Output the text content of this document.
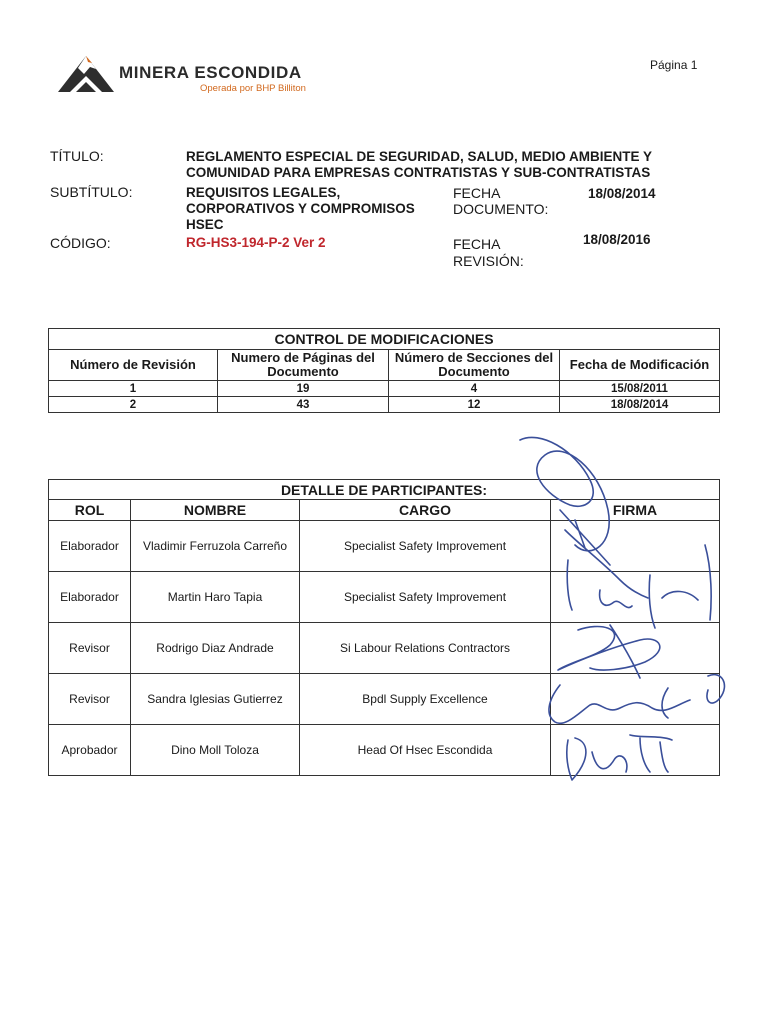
MINERA ESCONDIDA
Operada por BHP Billiton
Página 1
TÍTULO:	REGLAMENTO ESPECIAL DE SEGURIDAD, SALUD, MEDIO AMBIENTE Y
COMUNIDAD PARA EMPRESAS CONTRATISTAS Y SUB-CONTRATISTAS
SUBTÍTULO:	REQUISITOS LEGALES,
CORPORATIVOS Y COMPROMISOS
HSEC
FECHA
DOCUMENTO:
18/08/2014
CÓDIGO:	RG-HS3-194-P-2 Ver 2	FECHA
REVISIÓN:
18/08/2016
CONTROL DE MODIFICACIONES			
Número de Revisión	Numero de Páginas del Documento	Número de Secciones del Documento	Fecha de Modificación
1	19	4	15/08/2011
2	43	12	18/08/2014
DETALLE DE PARTICIPANTES:			
ROL	NOMBRE	CARGO	FIRMA
Elaborador	Vladimir Ferruzola Carreño	Specialist Safety Improvement	
Elaborador	Martin Haro Tapia	Specialist Safety Improvement	
Revisor	Rodrigo Diaz Andrade	Si Labour Relations Contractors	
Revisor	Sandra Iglesias Gutierrez	Bpdl Supply Excellence	
Aprobador	Dino Moll Toloza	Head Of Hsec Escondida	
